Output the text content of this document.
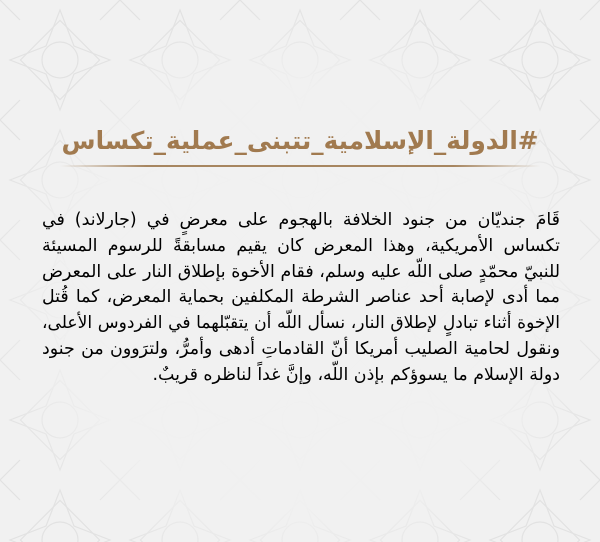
#الدولة_الإسلامية_تتبنى_عملية_تكساس
قَامَ جنديّان من جنود الخلافة بالهجوم على معرضٍ في (جارلاند) في
تكساس الأمريكية، وهذا المعرض كان يقيم مسابقةً للرسوم المسيئة
للنبيّ محمّدٍ صلى اللّه عليه وسلم، فقام الأخوة بإطلاق النار على المعرض
مما أدى لإصابة أحد عناصر الشرطة المكلفين بحماية المعرض، كما قُتل
الإخوة أثناء تبادلٍ لإطلاق النار، نسأل اللّه أن يتقبّلهما في الفردوس الأعلى،
ونقول لحامية الصليب أمريكا أنّ القادماتِ أدهى وأمرُّ، ولترَوون من جنود
دولة الإسلام ما يسوؤكم بإذن اللّه، وإنَّ غداً لناظره قريبٌ.
